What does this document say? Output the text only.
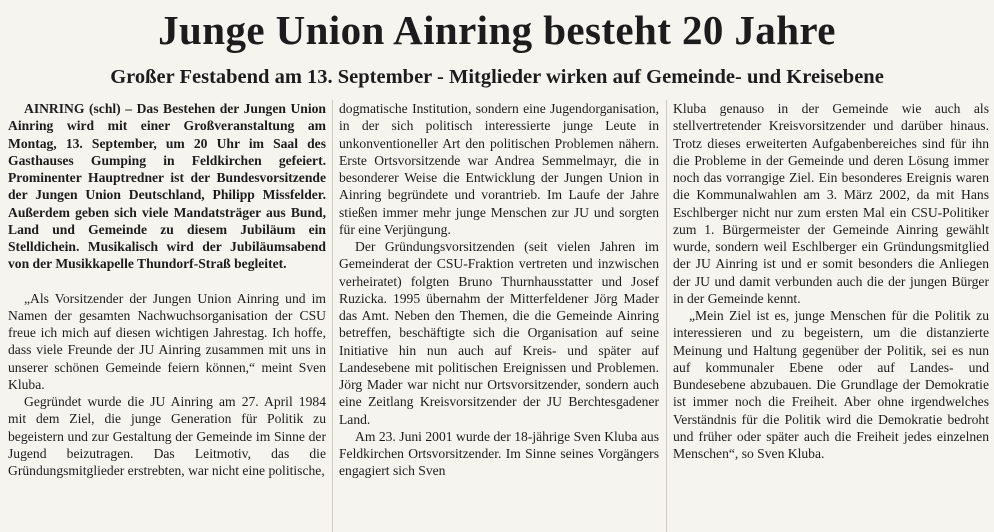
Junge Union Ainring besteht 20 Jahre
Großer Festabend am 13. September - Mitglieder wirken auf Gemeinde- und Kreisebene

AINRING (schl) – Das Bestehen der Jungen Union Ainring wird mit einer Großveranstaltung am Montag, 13. September, um 20 Uhr im Saal des Gasthauses Gumping in Feldkirchen gefeiert. Prominenter Hauptredner ist der Bundesvorsitzende der Jungen Union Deutschland, Philipp Missfelder. Außerdem geben sich viele Mandatsträger aus Bund, Land und Gemeinde zu diesem Jubiläum ein Stelldichein. Musikalisch wird der Jubiläumsabend von der Musikkapelle Thundorf-Straß begleitet.

„Als Vorsitzender der Jungen Union Ainring und im Namen der gesamten Nachwuchsorganisation der CSU freue ich mich auf diesen wichtigen Jahrestag. Ich hoffe, dass viele Freunde der JU Ainring zusammen mit uns in unserer schönen Gemeinde feiern können,“ meint Sven Kluba.

Gegründet wurde die JU Ainring am 27. April 1984 mit dem Ziel, die junge Generation für Politik zu begeistern und zur Gestaltung der Gemeinde im Sinne der Jugend beizutragen. Das Leitmotiv, das die Gründungsmitglieder erstrebten, war nicht eine politische,

dogmatische Institution, sondern eine Jugendorganisation, in der sich politisch interessierte junge Leute in unkonventioneller Art den politischen Problemen nähern. Erste Ortsvorsitzende war Andrea Semmelmayr, die in besonderer Weise die Entwicklung der Jungen Union in Ainring begründete und vorantrieb. Im Laufe der Jahre stießen immer mehr junge Menschen zur JU und sorgten für eine Verjüngung.

Der Gründungsvorsitzenden (seit vielen Jahren im Gemeinderat der CSU-Fraktion vertreten und inzwischen verheiratet) folgten Bruno Thurnhausstatter und Josef Ruzicka. 1995 übernahm der Mitterfeldener Jörg Mader das Amt. Neben den Themen, die die Gemeinde Ainring betreffen, beschäftigte sich die Organisation auf seine Initiative hin nun auch auf Kreis- und später auf Landesebene mit politischen Ereignissen und Problemen. Jörg Mader war nicht nur Ortsvorsitzender, sondern auch eine Zeitlang Kreisvorsitzender der JU Berchtesgadener Land.

Am 23. Juni 2001 wurde der 18-jährige Sven Kluba aus Feldkirchen Ortsvorsitzender. Im Sinne seines Vorgängers engagiert sich Sven

Kluba genauso in der Gemeinde wie auch als stellvertretender Kreisvorsitzender und darüber hinaus. Trotz dieses erweiterten Aufgabenbereiches sind für ihn die Probleme in der Gemeinde und deren Lösung immer noch das vorrangige Ziel. Ein besonderes Ereignis waren die Kommunalwahlen am 3. März 2002, da mit Hans Eschlberger nicht nur zum ersten Mal ein CSU-Politiker zum 1. Bürgermeister der Gemeinde Ainring gewählt wurde, sondern weil Eschlberger ein Gründungsmitglied der JU Ainring ist und er somit besonders die Anliegen der JU und damit verbunden auch die der jungen Bürger in der Gemeinde kennt.

„Mein Ziel ist es, junge Menschen für die Politik zu interessieren und zu begeistern, um die distanzierte Meinung und Haltung gegenüber der Politik, sei es nun auf kommunaler Ebene oder auf Landes- und Bundesebene abzubauen. Die Grundlage der Demokratie ist immer noch die Freiheit. Aber ohne irgendwelches Verständnis für die Politik wird die Demokratie bedroht und früher oder später auch die Freiheit jedes einzelnen Menschen“, so Sven Kluba.
